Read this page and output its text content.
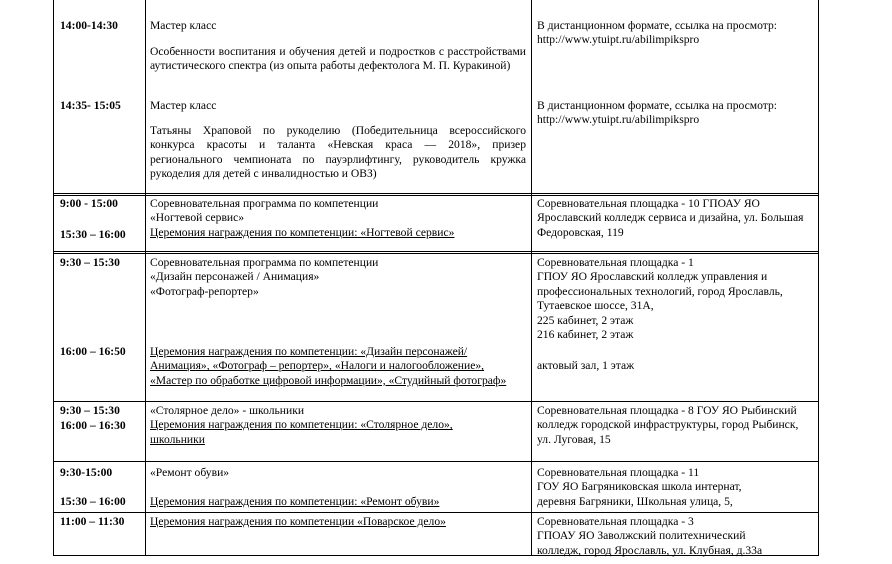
14:00-14:30
14:35- 15:05
Мастер класс
Особенности воспитания и обучения детей и подростков с расстройствами аутистического спектра (из опыта работы дефектолога М. П. Куракиной)
Мастер класс
Татьяны Храповой по рукоделию (Победительница всероссийского конкурса красоты и таланта «Невская краса — 2018», призер регионального чемпионата по пауэрлифтингу, руководитель кружка рукоделия для детей с инвалидностью и ОВЗ)
В дистанционном формате, ссылка на просмотр: http://www.ytuipt.ru/abilimpikspro
В дистанционном формате, ссылка на просмотр: http://www.ytuipt.ru/abilimpikspro
9:00 - 15:00
15:30 – 16:00
Соревновательная программа по компетенции
«Ногтевой сервис»
Церемония награждения по компетенции: «Ногтевой сервис»
Соревновательная площадка - 10 ГПОАУ ЯО Ярославский колледж сервиса и дизайна, ул. Большая Федоровская, 119
9:30 – 15:30
16:00 – 16:50
Соревновательная программа по компетенции
«Дизайн персонажей / Анимация»
«Фотограф-репортер»
Церемония награждения по компетенции: «Дизайн персонажей/Анимация», «Фотограф – репортер», «Налоги и налогообложение», «Мастер по обработке цифровой информации», «Студийный фотограф»
Соревновательная площадка - 1
ГПОУ ЯО Ярославский колледж управления и
профессиональных технологий, город Ярославль,
Тутаевское шоссе, 31А,
225 кабинет, 2 этаж
216 кабинет, 2 этаж
актовый зал, 1 этаж
9:30 – 15:30
16:00 – 16:30
«Столярное дело» - школьники
Церемония награждения по компетенции: «Столярное дело», школьники
Соревновательная площадка - 8 ГОУ ЯО Рыбинский колледж городской инфраструктуры, город Рыбинск, ул. Луговая, 15
9:30-15:00
15:30 – 16:00
«Ремонт обуви»
Церемония награждения по компетенции: «Ремонт обуви»
Соревновательная площадка - 11
ГОУ ЯО Багряниковская школа интернат,
деревня Багряники, Школьная улица, 5,
11:00 – 11:30 Церемония награждения по компетенции «Поварское дело»	Соревновательная площадка - 3
ГПОАУ ЯО Заволжский политехнический
колледж, город Ярославль, ул. Клубная, д.33а
